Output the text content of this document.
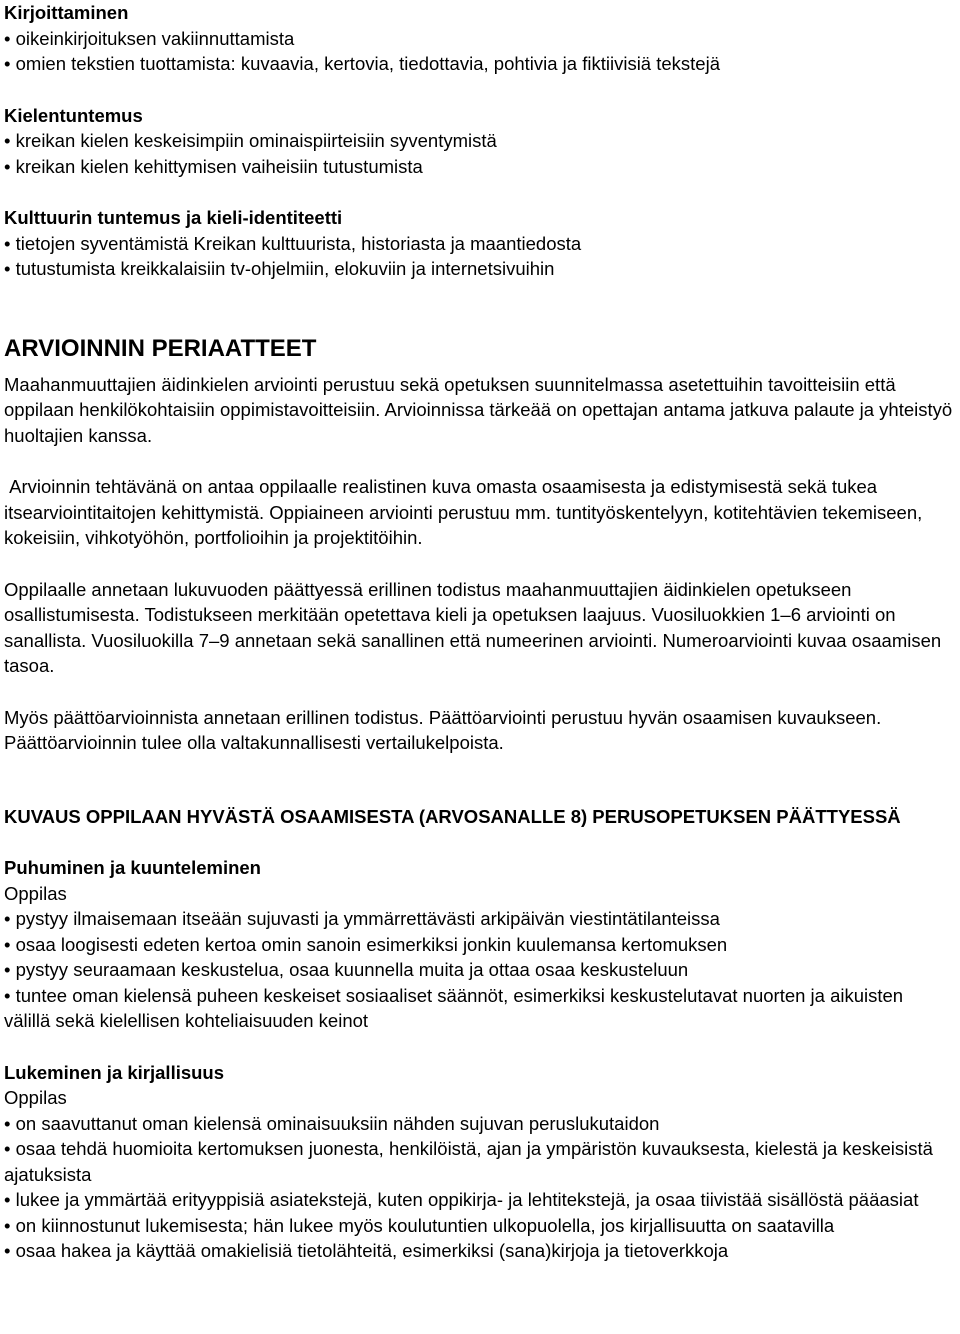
Kirjoittaminen
• oikeinkirjoituksen vakiinnuttamista
• omien tekstien tuottamista: kuvaavia, kertovia, tiedottavia, pohtivia ja fiktiivisiä tekstejä
Kielentuntemus
• kreikan kielen keskeisimpiin ominaispiirteisiin syventymistä
• kreikan kielen kehittymisen vaiheisiin tutustumista
Kulttuurin tuntemus ja kieli-identiteetti
• tietojen syventämistä Kreikan kulttuurista, historiasta ja maantiedosta
• tutustumista kreikkalaisiin tv-ohjelmiin, elokuviin ja internetsivuihin
ARVIOINNIN PERIAATTEET
Maahanmuuttajien äidinkielen arviointi perustuu sekä opetuksen suunnitelmassa asetettuihin tavoitteisiin että oppilaan henkilökohtaisiin oppimistavoitteisiin. Arvioinnissa tärkeää on opettajan antama jatkuva palaute ja yhteistyö huoltajien kanssa.
Arvioinnin tehtävänä on antaa oppilaalle realistinen kuva omasta osaamisesta ja edistymisestä sekä tukea itsearviointitaitojen kehittymistä. Oppiaineen arviointi perustuu mm. tuntityöskentelyyn, kotitehtävien tekemiseen, kokeisiin, vihkotyöhön, portfolioihin ja projektitöihin.
Oppilaalle annetaan lukuvuoden päättyessä erillinen todistus maahanmuuttajien äidinkielen opetukseen osallistumisesta. Todistukseen merkitään opetettava kieli ja opetuksen laajuus. Vuosiluokkien 1–6 arviointi on sanallista. Vuosiluokilla 7–9 annetaan sekä sanallinen että numeerinen arviointi. Numeroarviointi kuvaa osaamisen tasoa.
Myös päättöarvioinnista annetaan erillinen todistus. Päättöarviointi perustuu hyvän osaamisen kuvaukseen. Päättöarvioinnin tulee olla valtakunnallisesti vertailukelpoista.
KUVAUS OPPILAAN HYVÄSTÄ OSAAMISESTA (ARVOSANALLE 8) PERUSOPETUKSEN PÄÄTTYESSÄ
Puhuminen ja kuunteleminen
Oppilas
• pystyy ilmaisemaan itseään sujuvasti ja ymmärrettävästi arkipäivän viestintätilanteissa
• osaa loogisesti edeten kertoa omin sanoin esimerkiksi jonkin kuulemansa kertomuksen
• pystyy seuraamaan keskustelua, osaa kuunnella muita ja ottaa osaa keskusteluun
• tuntee oman kielensä puheen keskeiset sosiaaliset säännöt, esimerkiksi keskustelutavat nuorten ja aikuisten välillä sekä kielellisen kohteliaisuuden keinot
Lukeminen ja kirjallisuus
Oppilas
• on saavuttanut oman kielensä ominaisuuksiin nähden sujuvan peruslukutaidon
• osaa tehdä huomioita kertomuksen juonesta, henkilöistä, ajan ja ympäristön kuvauksesta, kielestä ja keskeisistä ajatuksista
• lukee ja ymmärtää erityyppisiä asiatekstejä, kuten oppikirja- ja lehtitekstejä, ja osaa tiivistää sisällöstä pääasiat
• on kiinnostunut lukemisesta; hän lukee myös koulutuntien ulkopuolella, jos kirjallisuutta on saatavilla
• osaa hakea ja käyttää omakielisiä tietolähteitä, esimerkiksi (sana)kirjoja ja tietoverkkoja
